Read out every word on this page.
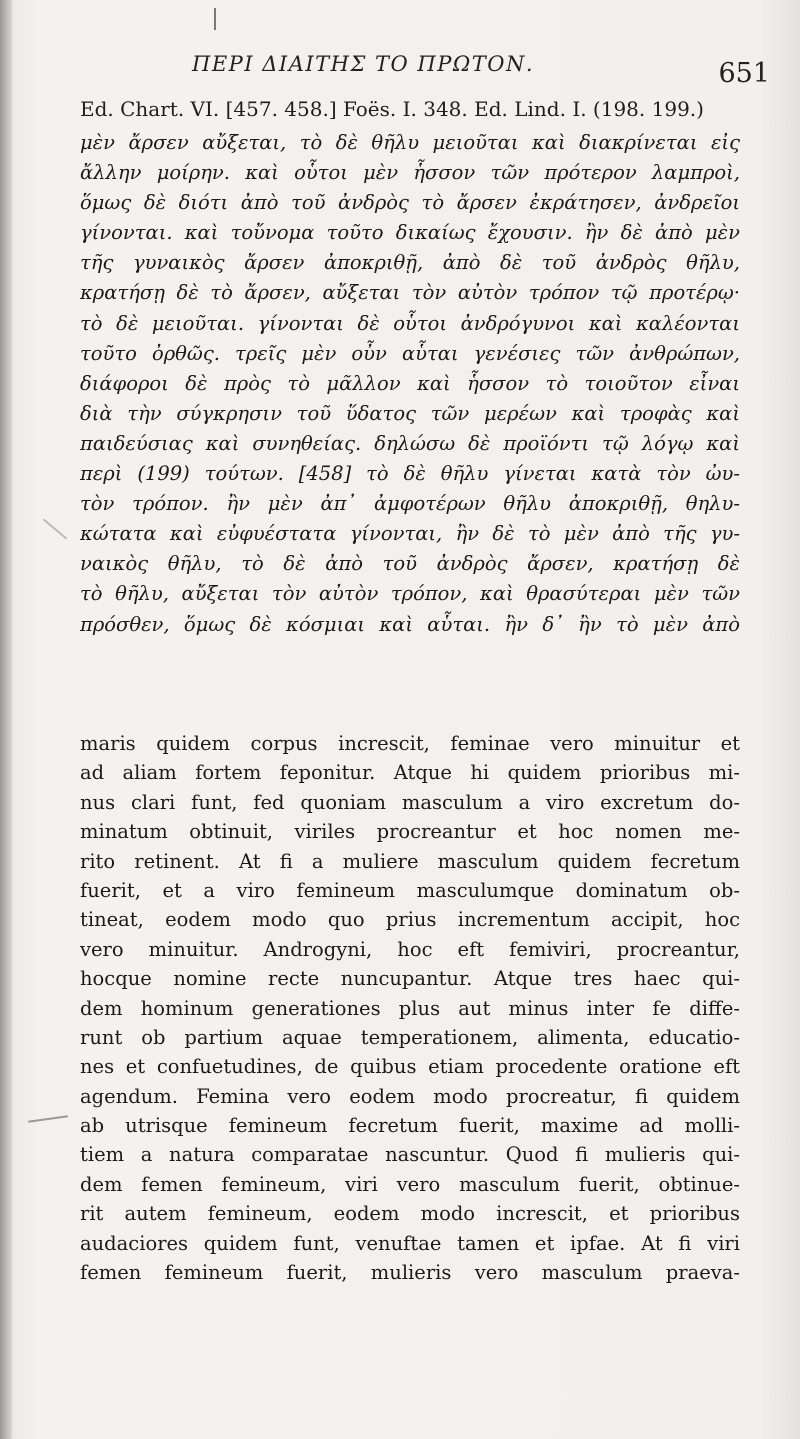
ΠΕΡΙ ΔΙΑΙΤΗΣ ΤΟ ΠΡΩΤΟΝ.	651
Ed. Chart. VI. [457. 458.] Foës. I. 348. Ed. Lind. I. (198. 199.)
μὲν ἄρσεν αὔξεται, τὸ δὲ θῆλυ μειοῦται καὶ διακρίνεται εἰς
ἄλλην μοίρην. καὶ οὗτοι μὲν ἧσσον τῶν πρότερον λαμπροὶ,
ὅμως δὲ διότι ἀπὸ τοῦ ἀνδρὸς τὸ ἄρσεν ἐκράτησεν, ἀνδρεῖοι
γίνονται. καὶ τοὔνομα τοῦτο δικαίως ἔχουσιν. ἢν δὲ ἀπὸ μὲν
τῆς γυναικὸς ἄρσεν ἀποκριθῇ, ἀπὸ δὲ τοῦ ἀνδρὸς θῆλυ,
κρατήσῃ δὲ τὸ ἄρσεν, αὔξεται τὸν αὐτὸν τρόπον τῷ προτέρῳ·
τὸ δὲ μειοῦται. γίνονται δὲ οὗτοι ἀνδρόγυνοι καὶ καλέονται
τοῦτο ὀρθῶς. τρεῖς μὲν οὖν αὗται γενέσιες τῶν ἀνθρώπων,
διάφοροι δὲ πρὸς τὸ μᾶλλον καὶ ἧσσον τὸ τοιοῦτον εἶναι
διὰ τὴν σύγκρησιν τοῦ ὕδατος τῶν μερέων καὶ τροφὰς καὶ
παιδεύσιας καὶ συνηθείας. δηλώσω δὲ προϊόντι τῷ λόγῳ καὶ
περὶ (199) τούτων. [458] τὸ δὲ θῆλυ γίνεται κατὰ τὸν ὠυ-
τὸν τρόπον. ἢν μὲν ἀπ᾽ ἀμφοτέρων θῆλυ ἀποκριθῇ, θηλυ-
κώτατα καὶ εὐφυέστατα γίνονται, ἢν δὲ τὸ μὲν ἀπὸ τῆς γυ-
ναικὸς θῆλυ, τὸ δὲ ἀπὸ τοῦ ἀνδρὸς ἄρσεν, κρατήσῃ δὲ
τὸ θῆλυ, αὔξεται τὸν αὐτὸν τρόπον, καὶ θρασύτεραι μὲν τῶν
πρόσθεν, ὅμως δὲ κόσμιαι καὶ αὗται. ἢν δ᾽ ἢν τὸ μὲν ἀπὸ
maris quidem corpus increscit, feminae vero minuitur et
ad aliam fortem feponitur. Atque hi quidem prioribus mi-
nus clari funt, fed quoniam masculum a viro excretum do-
minatum obtinuit, viriles procreantur et hoc nomen me-
rito retinent. At fi a muliere masculum quidem fecretum
fuerit, et a viro femineum masculumque dominatum ob-
tineat, eodem modo quo prius incrementum accipit, hoc
vero minuitur. Androgyni, hoc eft femiviri, procreantur,
hocque nomine recte nuncupantur. Atque tres haec qui-
dem hominum generationes plus aut minus inter fe diffe-
runt ob partium aquae temperationem, alimenta, educatio-
nes et confuetudines, de quibus etiam procedente oratione eft
agendum. Femina vero eodem modo procreatur, fi quidem
ab utrisque femineum fecretum fuerit, maxime ad molli-
tiem a natura comparatae nascuntur. Quod fi mulieris qui-
dem femen femineum, viri vero masculum fuerit, obtinue-
rit autem femineum, eodem modo increscit, et prioribus
audaciores quidem funt, venuftae tamen et ipfae. At fi viri
femen femineum fuerit, mulieris vero masculum praeva-
